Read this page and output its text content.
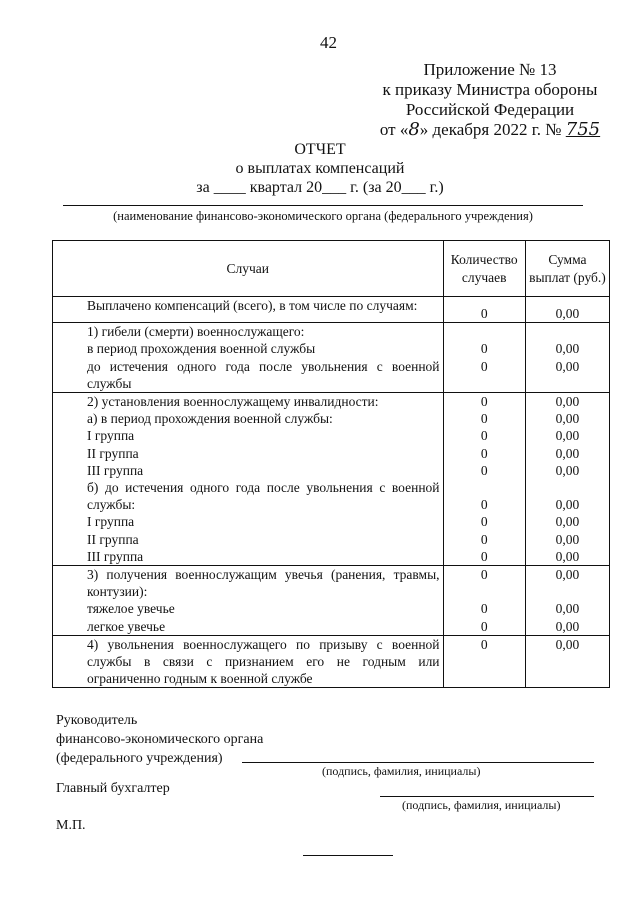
42
Приложение № 13
к приказу Министра обороны
Российской Федерации
от «8» декабря 2022 г. № 755
ОТЧЕТ
о выплатах компенсаций
за ____ квартал 20___ г. (за 20___ г.)
(наименование финансово-экономического органа (федерального учреждения)
Случаи	Количество случаев	Сумма выплат (руб.)
Выплачено компенсаций (всего), в том числе по случаям:	0	0,00
1) гибели (смерти) военнослужащего:		
в период прохождения военной службы	0	0,00
до истечения одного года после увольнения с военной службы	0	0,00
2) установления военнослужащему инвалидности:	0	0,00
а) в период прохождения военной службы:	0	0,00
I группа	0	0,00
II группа	0	0,00
III группа	0	0,00
б) до истечения одного года после увольнения с военной службы:	0	0,00
I группа	0	0,00
II группа	0	0,00
III группа	0	0,00
3) получения военнослужащим увечья (ранения, травмы, контузии):	0	0,00
тяжелое увечье	0	0,00
легкое увечье	0	0,00
4) увольнения военнослужащего по призыву с военной службы в связи с признанием его не годным или ограниченно годным к военной службе	0	0,00
Руководитель
финансово-экономического органа
(федерального учреждения)
(подпись, фамилия, инициалы)
Главный бухгалтер
(подпись, фамилия, инициалы)
М.П.
